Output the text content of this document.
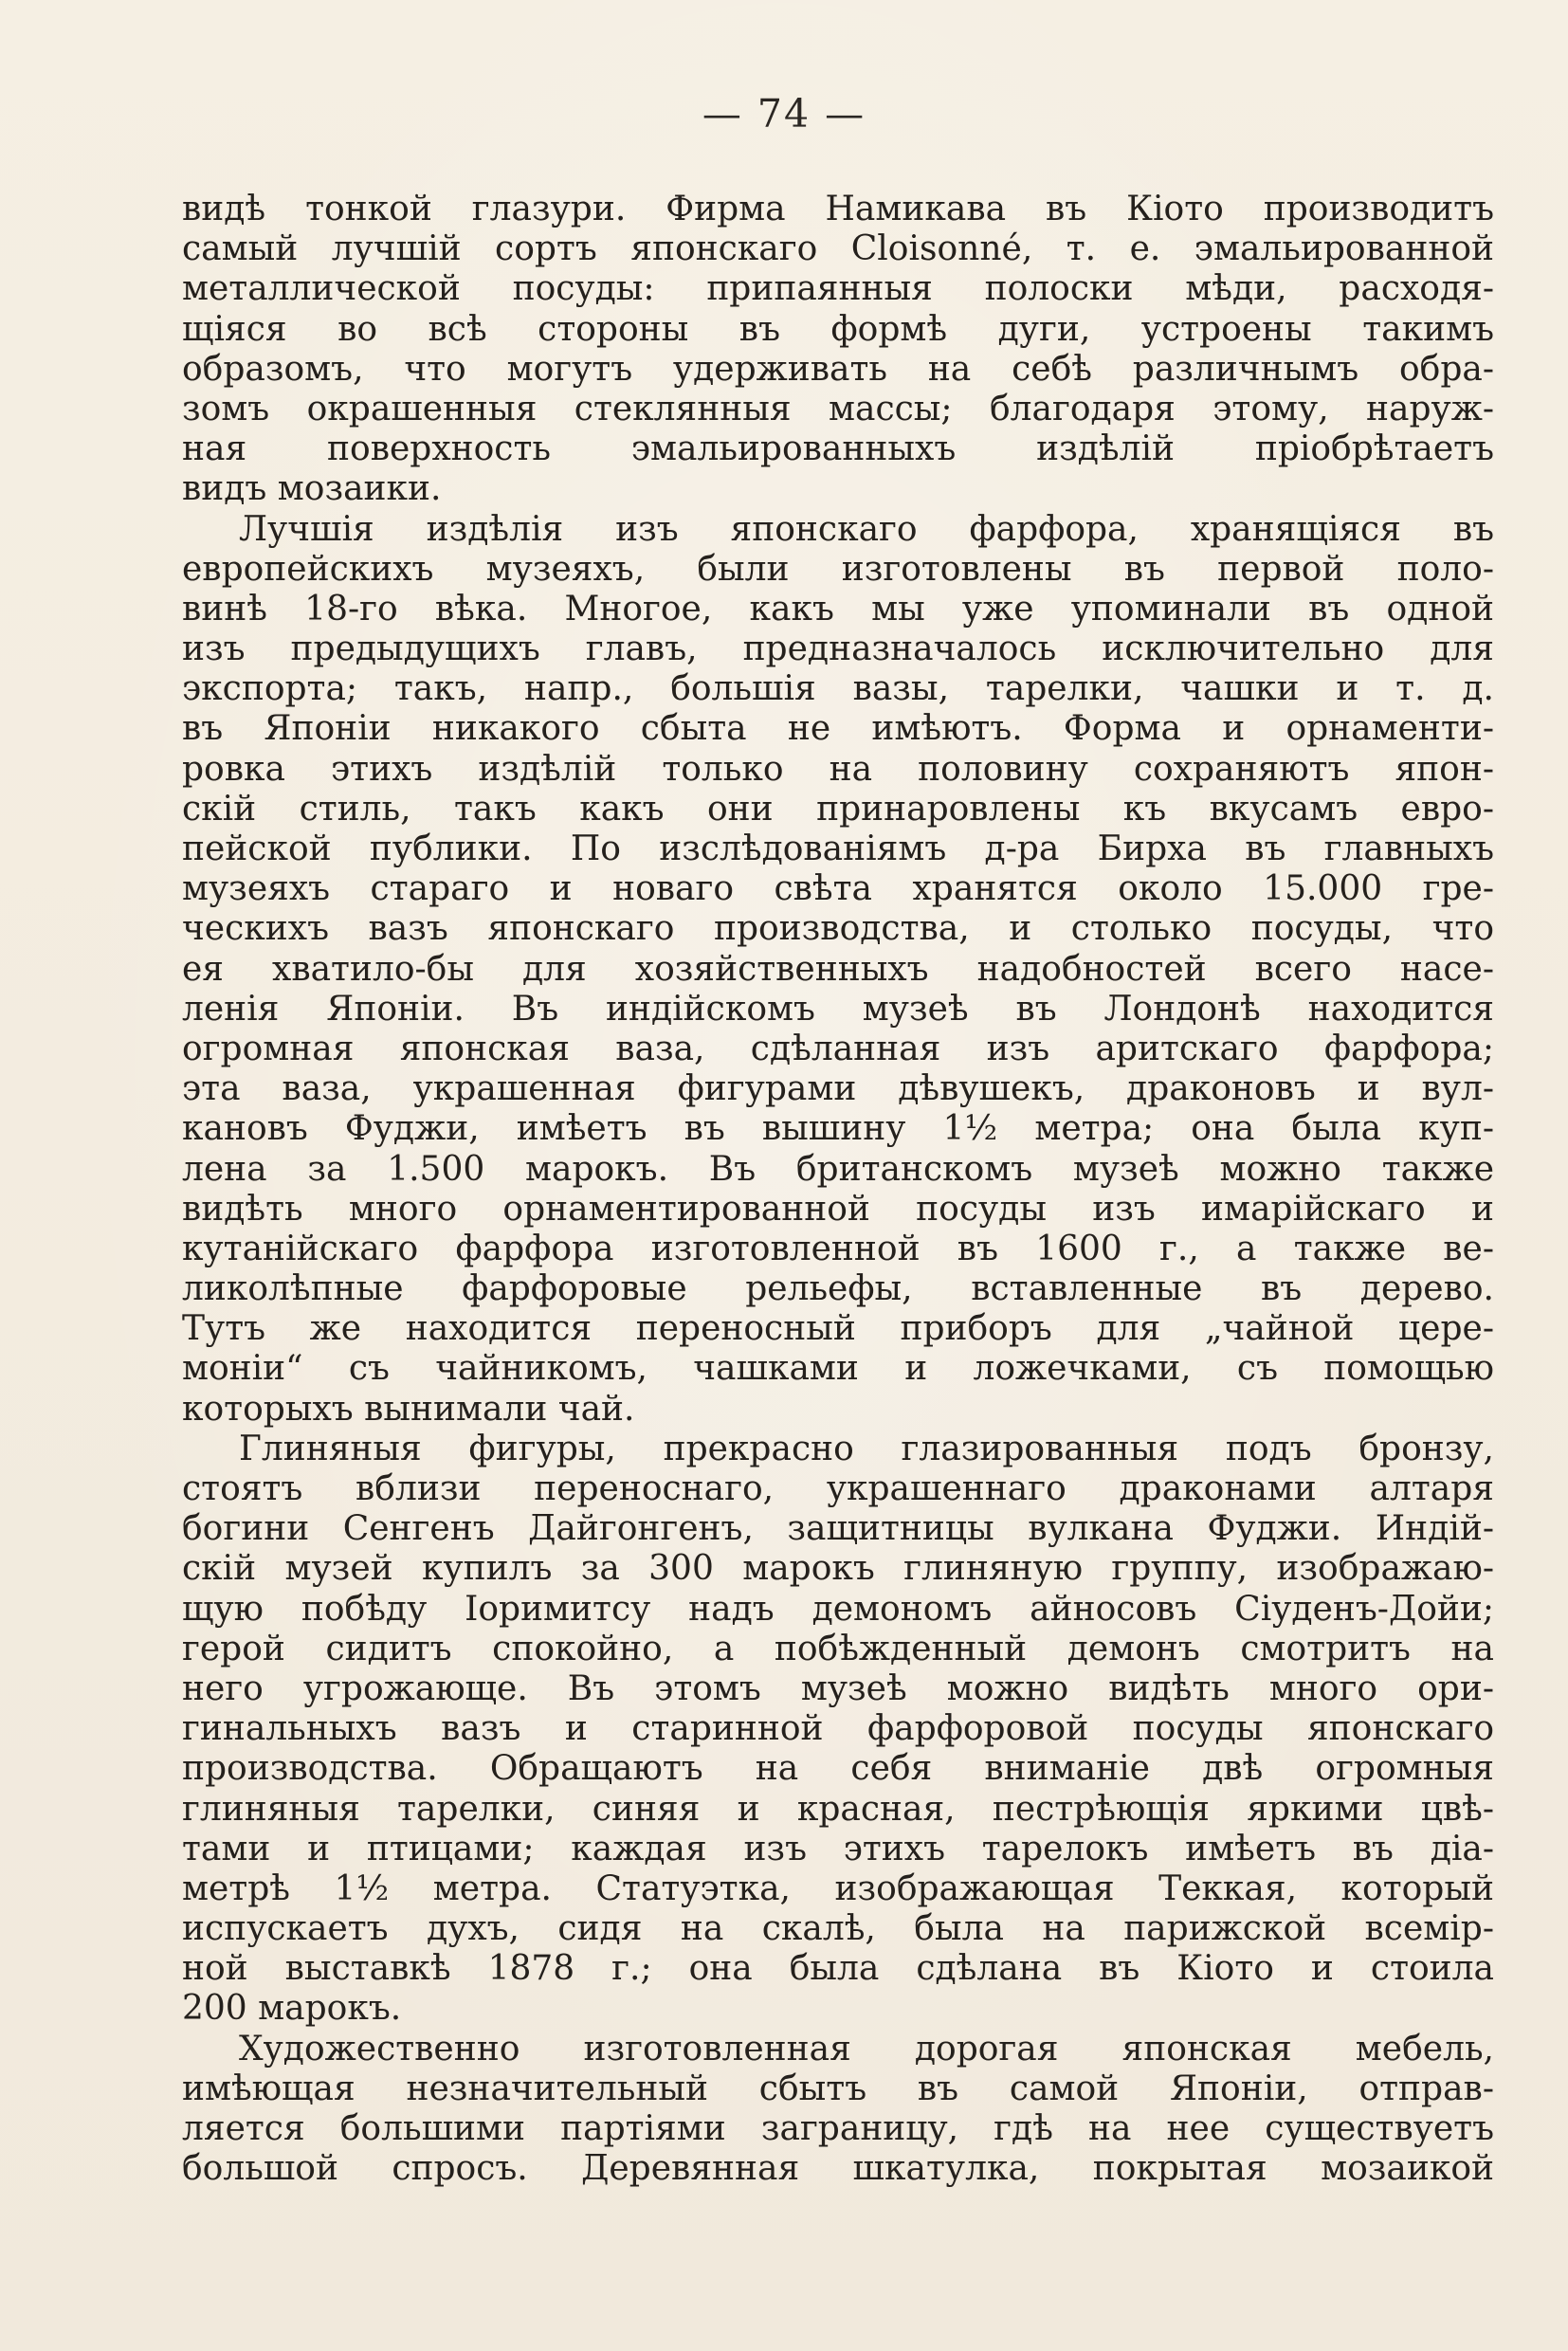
— 74 —
видѣ тонкой глазури. Фирма Намикава въ Кіото производитъ
самый лучшій сортъ японскаго Cloisonné, т. е. эмальированной
металлической посуды: припаянныя полоски мѣди, расходя-
щіяся во всѣ стороны въ формѣ дуги, устроены такимъ
образомъ, что могутъ удерживать на себѣ различнымъ обра-
зомъ окрашенныя стеклянныя массы; благодаря этому, наруж-
ная поверхность эмальированныхъ издѣлій пріобрѣтаетъ
видъ мозаики.
Лучшія издѣлія изъ японскаго фарфора, хранящіяся въ
европейскихъ музеяхъ, были изготовлены въ первой поло-
винѣ 18-го вѣка. Многое, какъ мы уже упоминали въ одной
изъ предыдущихъ главъ, предназначалось исключительно для
экспорта; такъ, напр., большія вазы, тарелки, чашки и т. д.
въ Японіи никакого сбыта не имѣютъ. Форма и орнаменти-
ровка этихъ издѣлій только на половину сохраняютъ япон-
скій стиль, такъ какъ они принаровлены къ вкусамъ евро-
пейской публики. По изслѣдованіямъ д-ра Бирха въ главныхъ
музеяхъ стараго и новаго свѣта хранятся около 15.000 гре-
ческихъ вазъ японскаго производства, и столько посуды, что
ея хватило-бы для хозяйственныхъ надобностей всего насе-
ленія Японіи. Въ индійскомъ музеѣ въ Лондонѣ находится
огромная японская ваза, сдѣланная изъ аритскаго фарфора;
эта ваза, украшенная фигурами дѣвушекъ, драконовъ и вул-
кановъ Фуджи, имѣетъ въ вышину 1½ метра; она была куп-
лена за 1.500 марокъ. Въ британскомъ музеѣ можно также
видѣть много орнаментированной посуды изъ имарійскаго и
кутанійскаго фарфора изготовленной въ 1600 г., а также ве-
ликолѣпные фарфоровые рельефы, вставленные въ дерево.
Тутъ же находится переносный приборъ для „чайной цере-
моніи“ съ чайникомъ, чашками и ложечками, съ помощью
которыхъ вынимали чай.
Глиняныя фигуры, прекрасно глазированныя подъ бронзу,
стоятъ вблизи переноснаго, украшеннаго драконами алтаря
богини Сенгенъ Дайгонгенъ, защитницы вулкана Фуджи. Индій-
скій музей купилъ за 300 марокъ глиняную группу, изображаю-
щую побѣду Іоримитсу надъ демономъ айносовъ Сіуденъ-Дойи;
герой сидитъ спокойно, а побѣжденный демонъ смотритъ на
него угрожающе. Въ этомъ музеѣ можно видѣть много ори-
гинальныхъ вазъ и старинной фарфоровой посуды японскаго
производства. Обращаютъ на себя вниманіе двѣ огромныя
глиняныя тарелки, синяя и красная, пестрѣющія яркими цвѣ-
тами и птицами; каждая изъ этихъ тарелокъ имѣетъ въ діа-
метрѣ 1½ метра. Статуэтка, изображающая Теккая, который
испускаетъ духъ, сидя на скалѣ, была на парижской всемір-
ной выставкѣ 1878 г.; она была сдѣлана въ Кіото и стоила
200 марокъ.
Художественно изготовленная дорогая японская мебель,
имѣющая незначительный сбытъ въ самой Японіи, отправ-
ляется большими партіями заграницу, гдѣ на нее существуетъ
большой спросъ. Деревянная шкатулка, покрытая мозаикой
